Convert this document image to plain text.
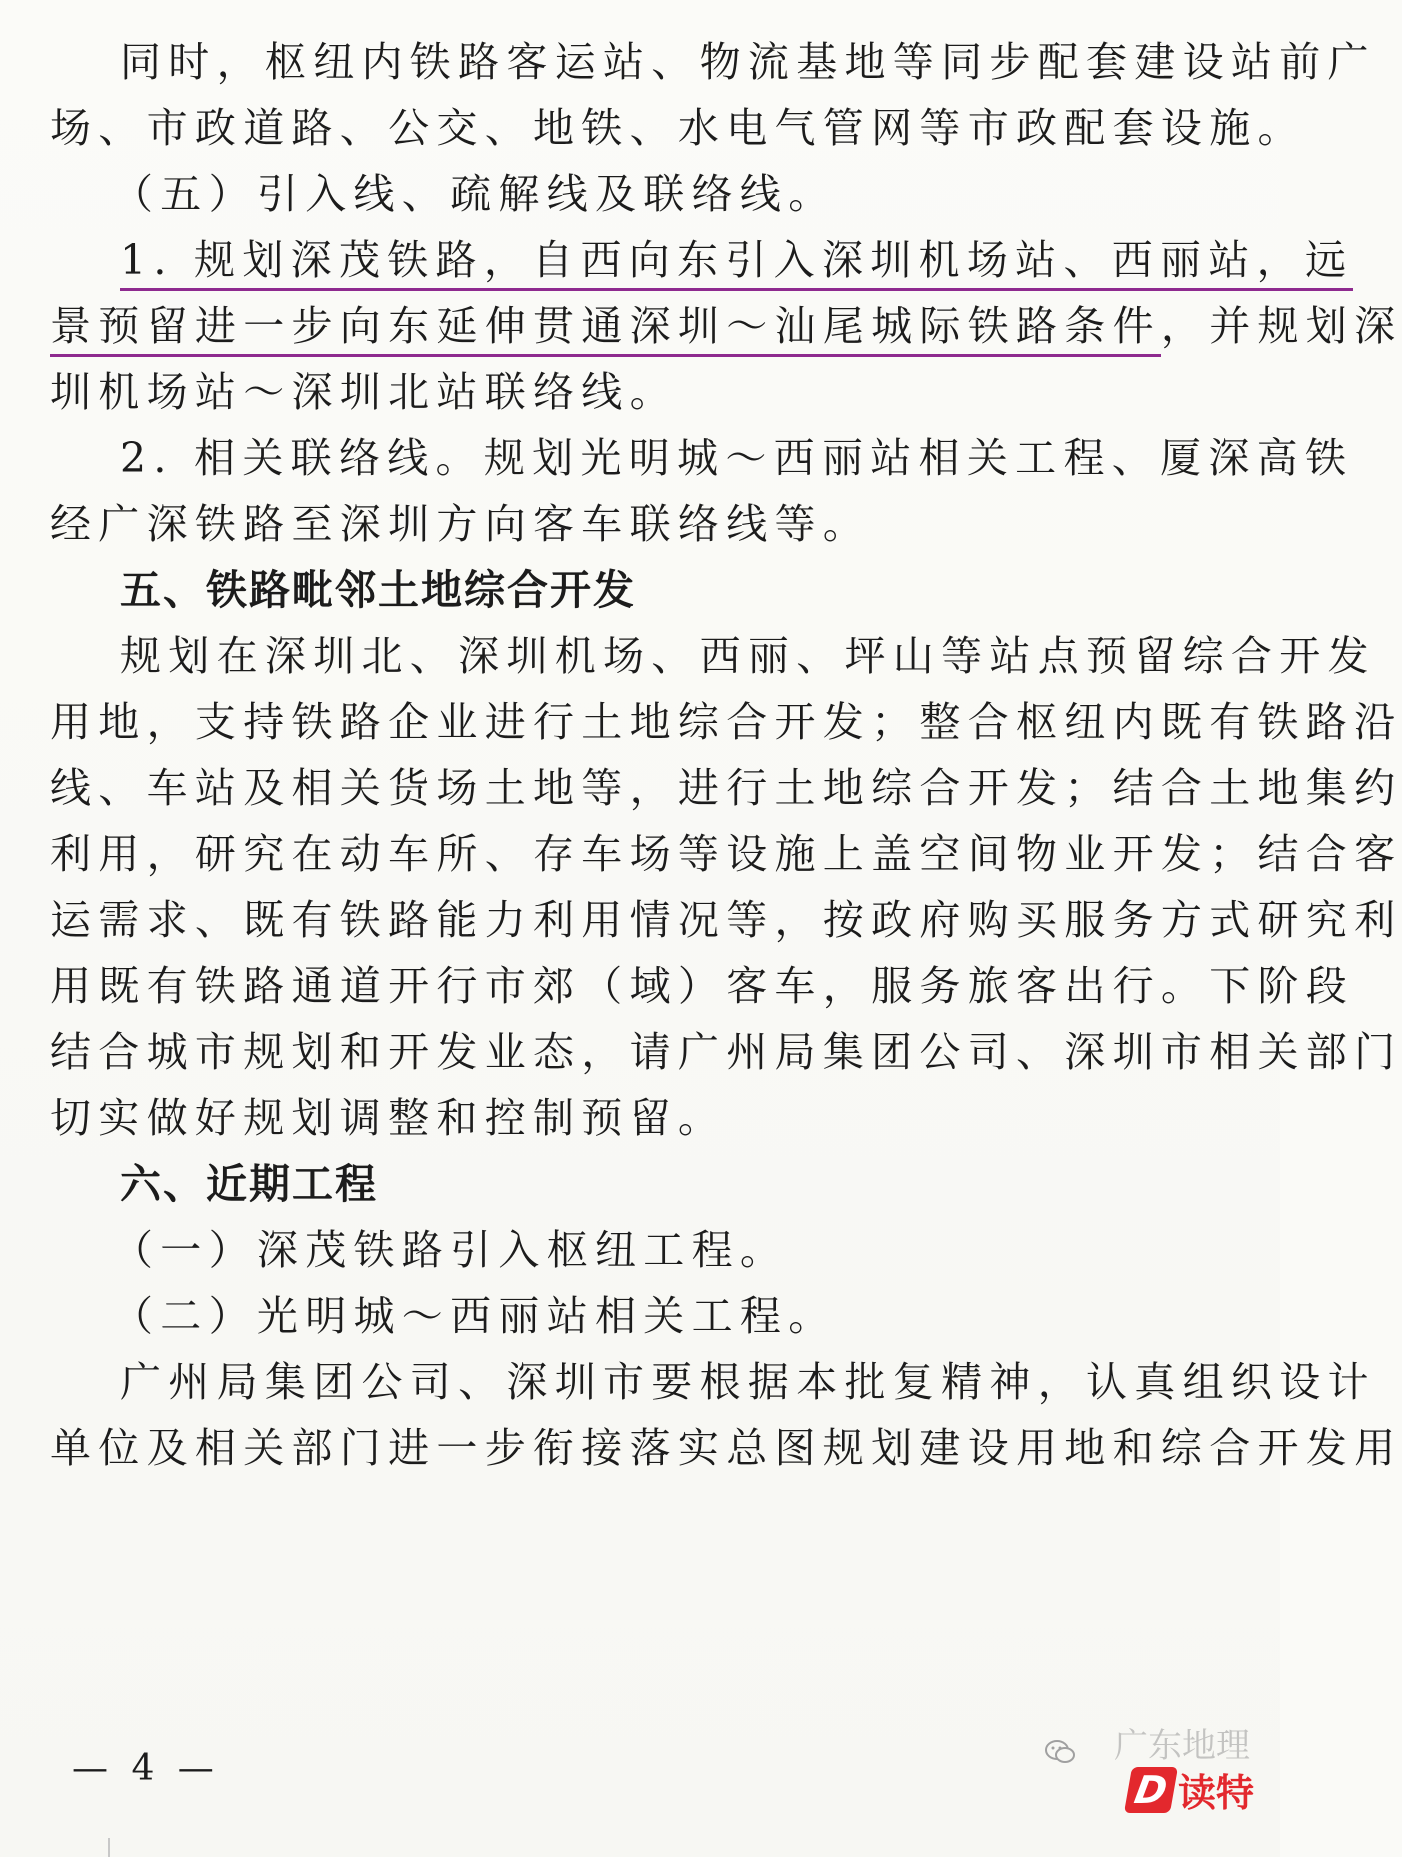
同时，枢纽内铁路客运站、物流基地等同步配套建设站前广

场、市政道路、公交、地铁、水电气管网等市政配套设施。

（五）引入线、疏解线及联络线。

1. 规划深茂铁路，自西向东引入深圳机场站、西丽站，远

景预留进一步向东延伸贯通深圳～汕尾城际铁路条件，并规划深

圳机场站～深圳北站联络线。

2. 相关联络线。规划光明城～西丽站相关工程、厦深高铁

经广深铁路至深圳方向客车联络线等。

五、铁路毗邻土地综合开发

规划在深圳北、深圳机场、西丽、坪山等站点预留综合开发

用地，支持铁路企业进行土地综合开发；整合枢纽内既有铁路沿

线、车站及相关货场土地等，进行土地综合开发；结合土地集约

利用，研究在动车所、存车场等设施上盖空间物业开发；结合客

运需求、既有铁路能力利用情况等，按政府购买服务方式研究利

用既有铁路通道开行市郊（域）客车，服务旅客出行。下阶段

结合城市规划和开发业态，请广州局集团公司、深圳市相关部门

切实做好规划调整和控制预留。

六、近期工程

（一）深茂铁路引入枢纽工程。

（二）光明城～西丽站相关工程。

广州局集团公司、深圳市要根据本批复精神，认真组织设计

单位及相关部门进一步衔接落实总图规划建设用地和综合开发用

— 4 —
广东地理
D 读特
